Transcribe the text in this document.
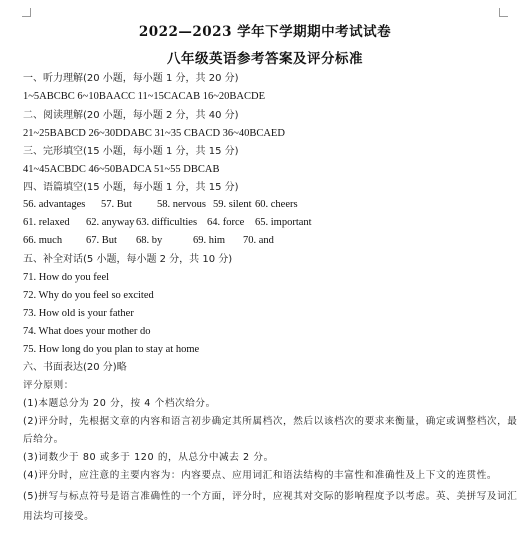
2022—2023 学年下学期期中考试试卷
八年级英语参考答案及评分标准
一、听力理解(20 小题，每小题 1 分，共 20 分)
1~5ABCBC 6~10BAACC 11~15CACAB 16~20BACDE
二、阅读理解(20 小题，每小题 2 分，共 40 分)
21~25BABCD 26~30DDABC 31~35 CBACD 36~40BCAED
三、完形填空(15 小题，每小题 1 分，共 15 分)
41~45ACBDC 46~50BADCA 51~55 DBCAB
四、语篇填空(15 小题，每小题 1 分，共 15 分)
56. advantages 57. But 58. nervous 59. silent 60. cheers
61. relaxed 62. anyway 63. difficulties 64. force 65. important
66. much 67. But 68. by	69. him 70. and
五、补全对话(5 小题，每小题 2 分，共 10 分)
71. How do you feel
72. Why do you feel so excited
73. How old is your father
74. What does your mother do
75. How long do you plan to stay at home
六、书面表达(20 分)略
评分原则：
(1)本题总分为 20 分，按 4 个档次给分。
(2)评分时，先根据文章的内容和语言初步确定其所属档次，然后以该档次的要求来衡量，确定或调整档次，最
后给分。
(3)词数少于 80 或多于 120 的，从总分中减去 2 分。
(4)评分时，应注意的主要内容为：内容要点、应用词汇和语法结构的丰富性和准确性及上下文的连贯性。
(5)拼写与标点符号是语言准确性的一个方面，评分时，应视其对交际的影响程度予以考虑。英、美拼写及词汇
用法均可接受。
